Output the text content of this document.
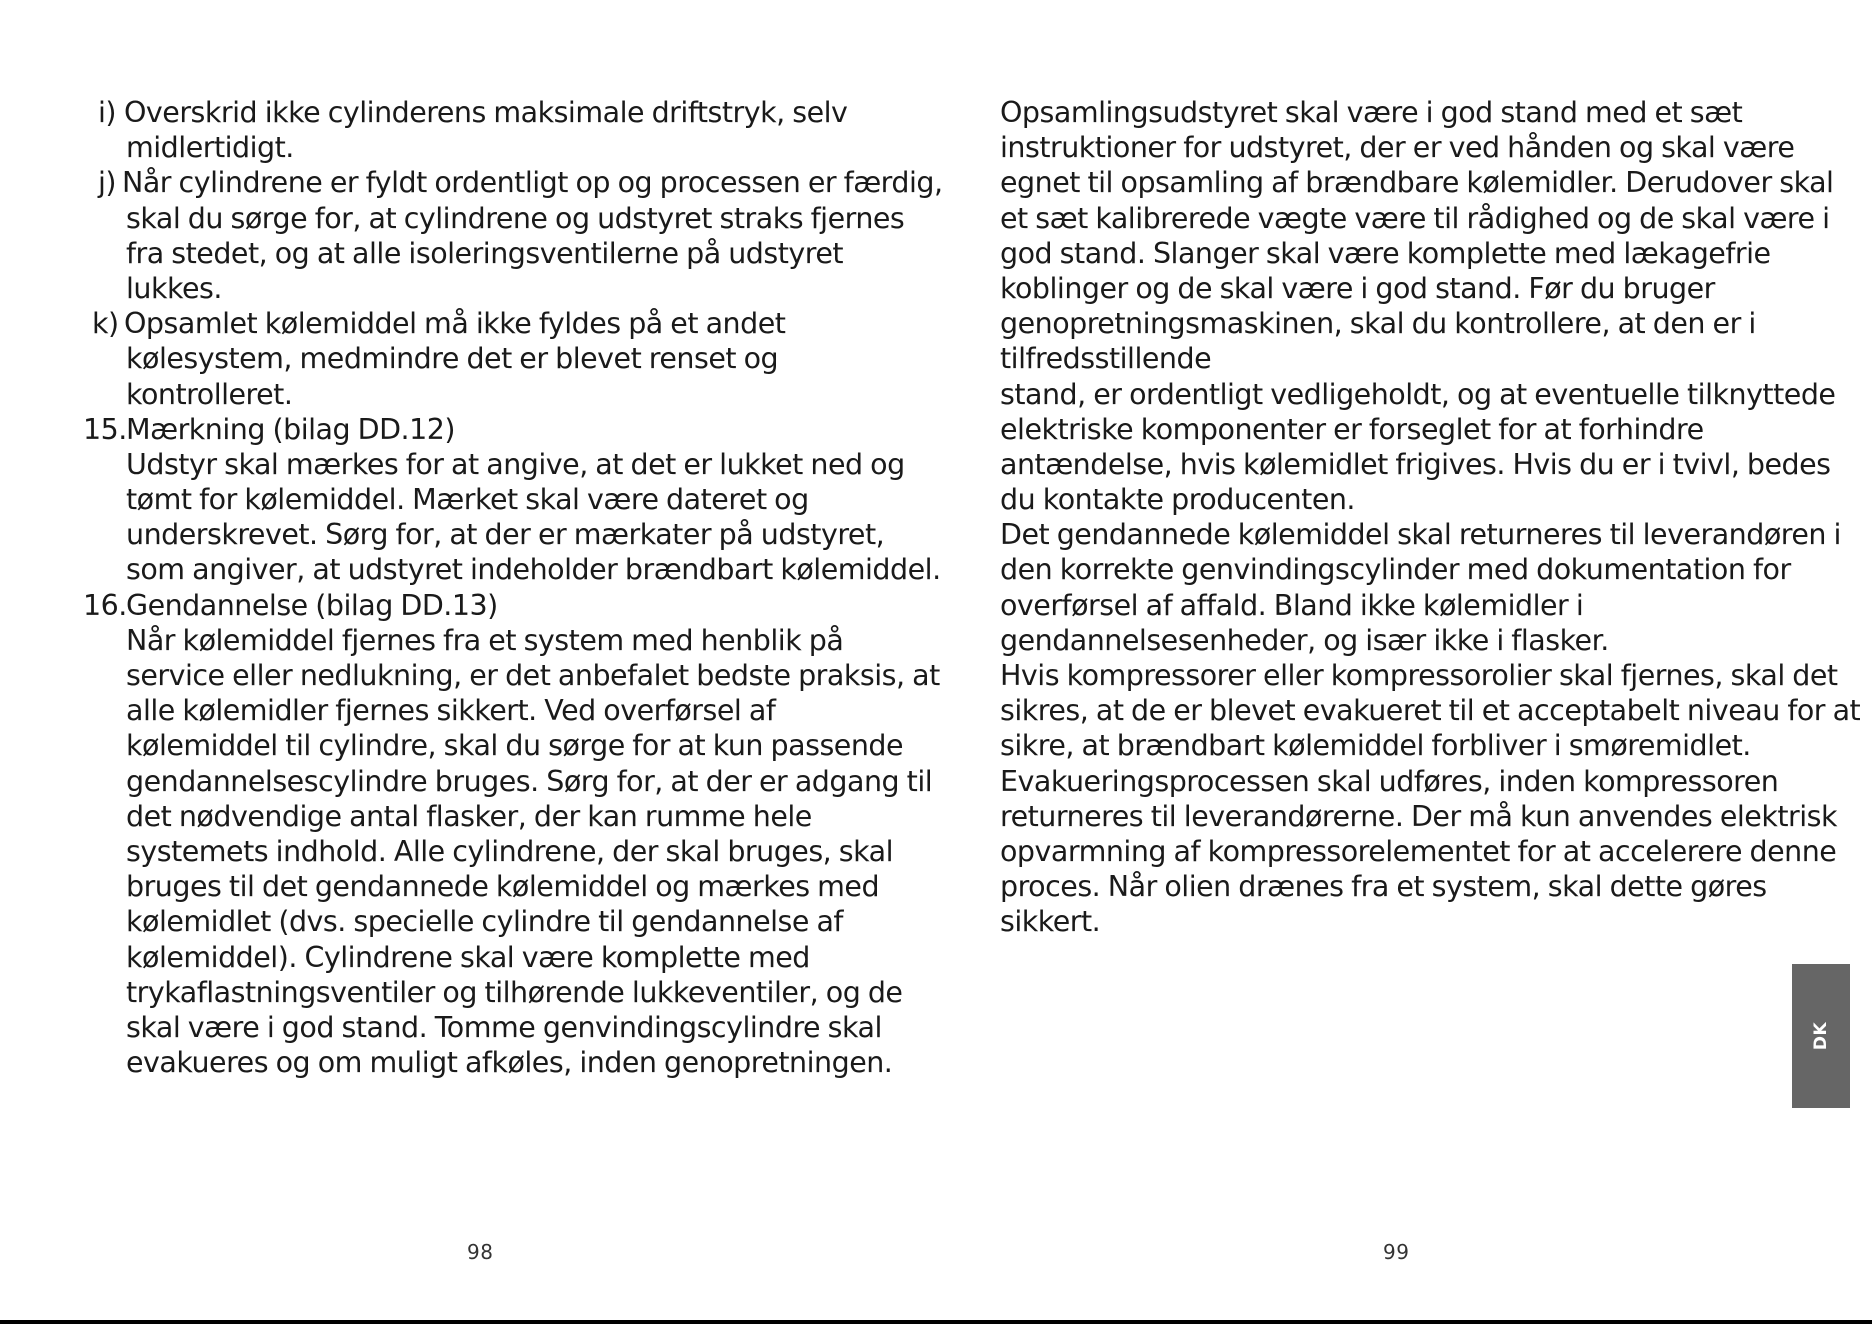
i) Overskrid ikke cylinderens maksimale driftstryk, selv
midlertidigt.
j) Når cylindrene er fyldt ordentligt op og processen er færdig,
skal du sørge for, at cylindrene og udstyret straks fjernes
fra stedet, og at alle isoleringsventilerne på udstyret
lukkes.
k) Opsamlet kølemiddel må ikke fyldes på et andet
kølesystem, medmindre det er blevet renset og
kontrolleret.
15. Mærkning (bilag DD.12)
Udstyr skal mærkes for at angive, at det er lukket ned og
tømt for kølemiddel. Mærket skal være dateret og
underskrevet. Sørg for, at der er mærkater på udstyret,
som angiver, at udstyret indeholder brændbart kølemiddel.
16. Gendannelse (bilag DD.13)
Når kølemiddel fjernes fra et system med henblik på
service eller nedlukning, er det anbefalet bedste praksis, at
alle kølemidler fjernes sikkert. Ved overførsel af
kølemiddel til cylindre, skal du sørge for at kun passende
gendannelsescylindre bruges. Sørg for, at der er adgang til
det nødvendige antal flasker, der kan rumme hele
systemets indhold. Alle cylindrene, der skal bruges, skal
bruges til det gendannede kølemiddel og mærkes med
kølemidlet (dvs. specielle cylindre til gendannelse af
kølemiddel). Cylindrene skal være komplette med
trykaflastningsventiler og tilhørende lukkeventiler, og de
skal være i god stand. Tomme genvindingscylindre skal
evakueres og om muligt afkøles, inden genopretningen.
98
Opsamlingsudstyret skal være i god stand med et sæt
instruktioner for udstyret, der er ved hånden og skal være
egnet til opsamling af brændbare kølemidler. Derudover skal
et sæt kalibrerede vægte være til rådighed og de skal være i
god stand. Slanger skal være komplette med lækagefrie
koblinger og de skal være i god stand. Før du bruger
genopretningsmaskinen, skal du kontrollere, at den er i
tilfredsstillende
stand, er ordentligt vedligeholdt, og at eventuelle tilknyttede
elektriske komponenter er forseglet for at forhindre
antændelse, hvis kølemidlet frigives. Hvis du er i tvivl, bedes
du kontakte producenten.
Det gendannede kølemiddel skal returneres til leverandøren i
den korrekte genvindingscylinder med dokumentation for
overførsel af affald. Bland ikke kølemidler i
gendannelsesenheder, og især ikke i flasker.
Hvis kompressorer eller kompressorolier skal fjernes, skal det
sikres, at de er blevet evakueret til et acceptabelt niveau for at
sikre, at brændbart kølemiddel forbliver i smøremidlet.
Evakueringsprocessen skal udføres, inden kompressoren
returneres til leverandørerne. Der må kun anvendes elektrisk
opvarmning af kompressorelementet for at accelerere denne
proces. Når olien drænes fra et system, skal dette gøres
sikkert.
99
DK
